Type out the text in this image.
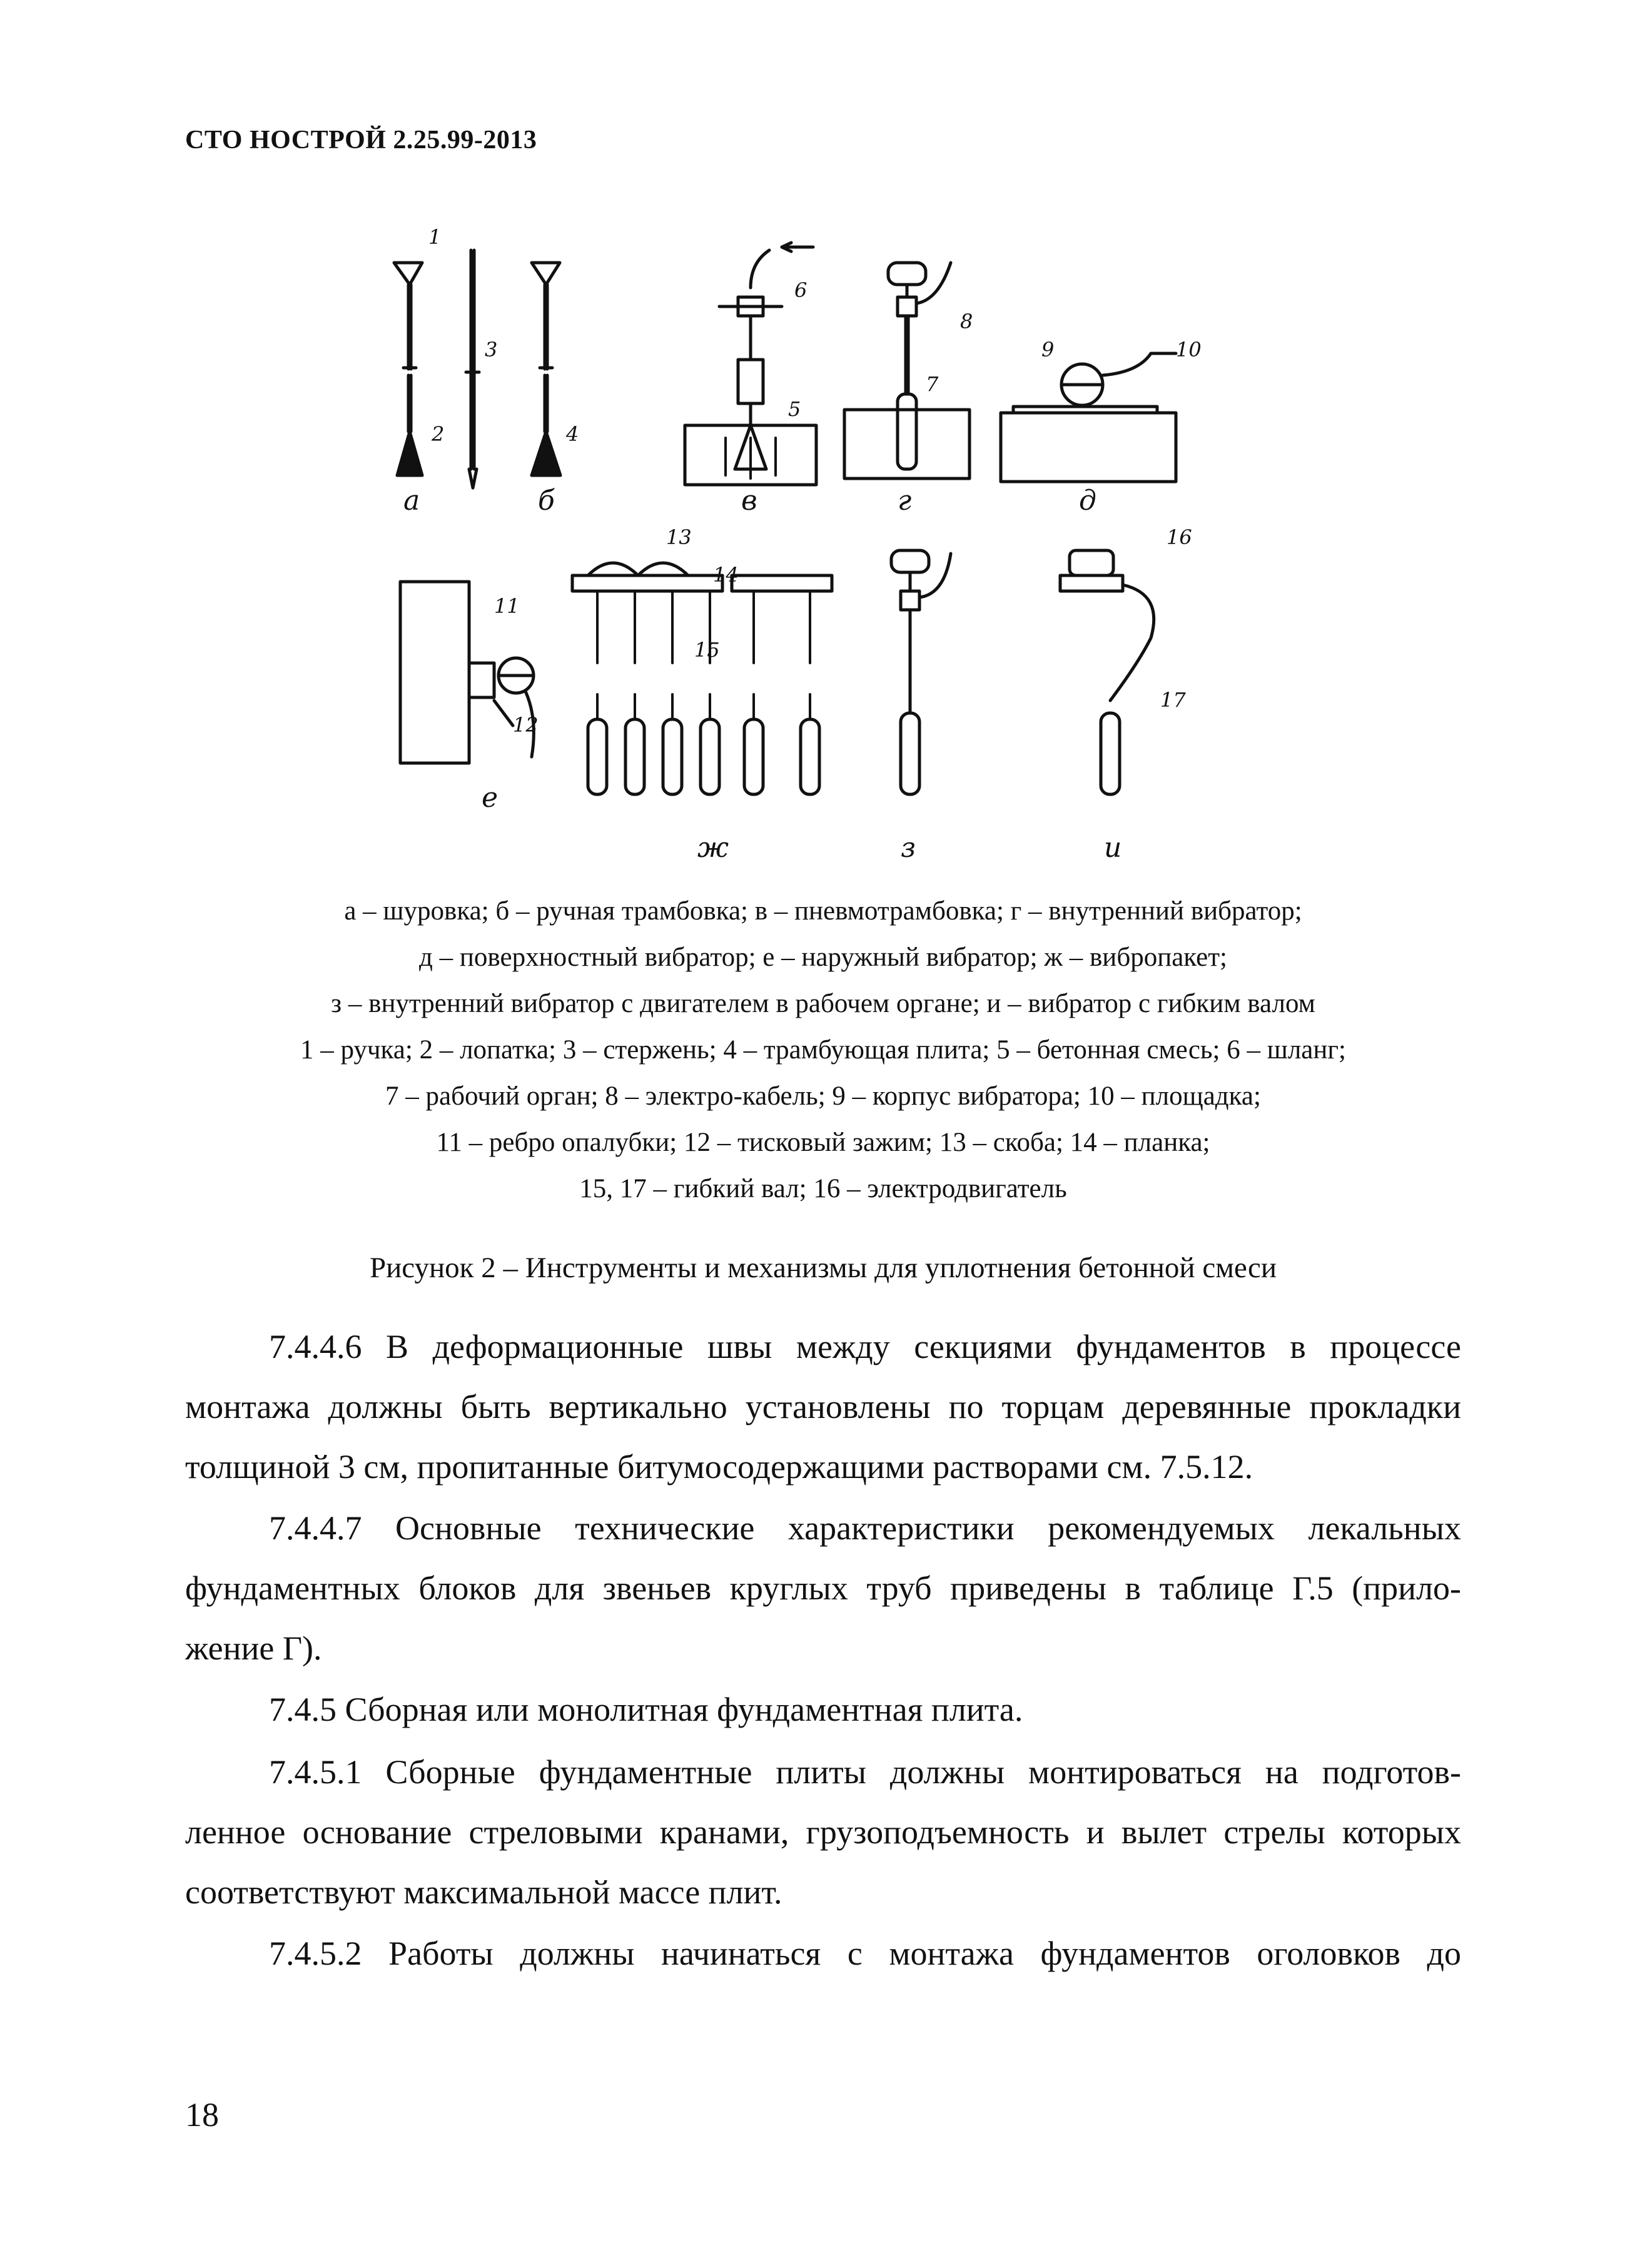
СТО НОСТРОЙ 2.25.99-2013
а	б	в	г	д
е
ж	з	и
1
2
3
4
5
6
7
8
9	10
11
12
13
14
15
16
17
а – шуровка; б – ручная трамбовка; в – пневмотрамбовка; г – внутренний вибратор;
д – поверхностный вибратор; е – наружный вибратор; ж – вибропакет;
з – внутренний вибратор с двигателем в рабочем органе; и – вибратор с гибким валом
1 – ручка; 2 – лопатка; 3 – стержень; 4 – трамбующая плита; 5 – бетонная смесь; 6 – шланг;
7 – рабочий орган; 8 – электро-кабель; 9 – корпус вибратора; 10 – площадка;
11 – ребро опалубки; 12 – тисковый зажим; 13 – скоба; 14 – планка;
15, 17 – гибкий вал; 16 – электродвигатель
Рисунок 2 – Инструменты и механизмы для уплотнения бетонной смеси
7.4.4.6 В деформационные швы между секциями фундаментов в процессе
монтажа должны быть вертикально установлены по торцам деревянные прокладки
толщиной 3 см, пропитанные битумосодержащими растворами см. 7.5.12.
7.4.4.7 Основные технические характеристики рекомендуемых лекальных
фундаментных блоков для звеньев круглых труб приведены в таблице Г.5 (прило-
жение Г).
7.4.5 Сборная или монолитная фундаментная плита.
7.4.5.1 Сборные фундаментные плиты должны монтироваться на подготов-
ленное основание стреловыми кранами, грузоподъемность и вылет стрелы которых
соответствуют максимальной массе плит.
7.4.5.2 Работы должны начинаться с монтажа фундаментов оголовков до
18
